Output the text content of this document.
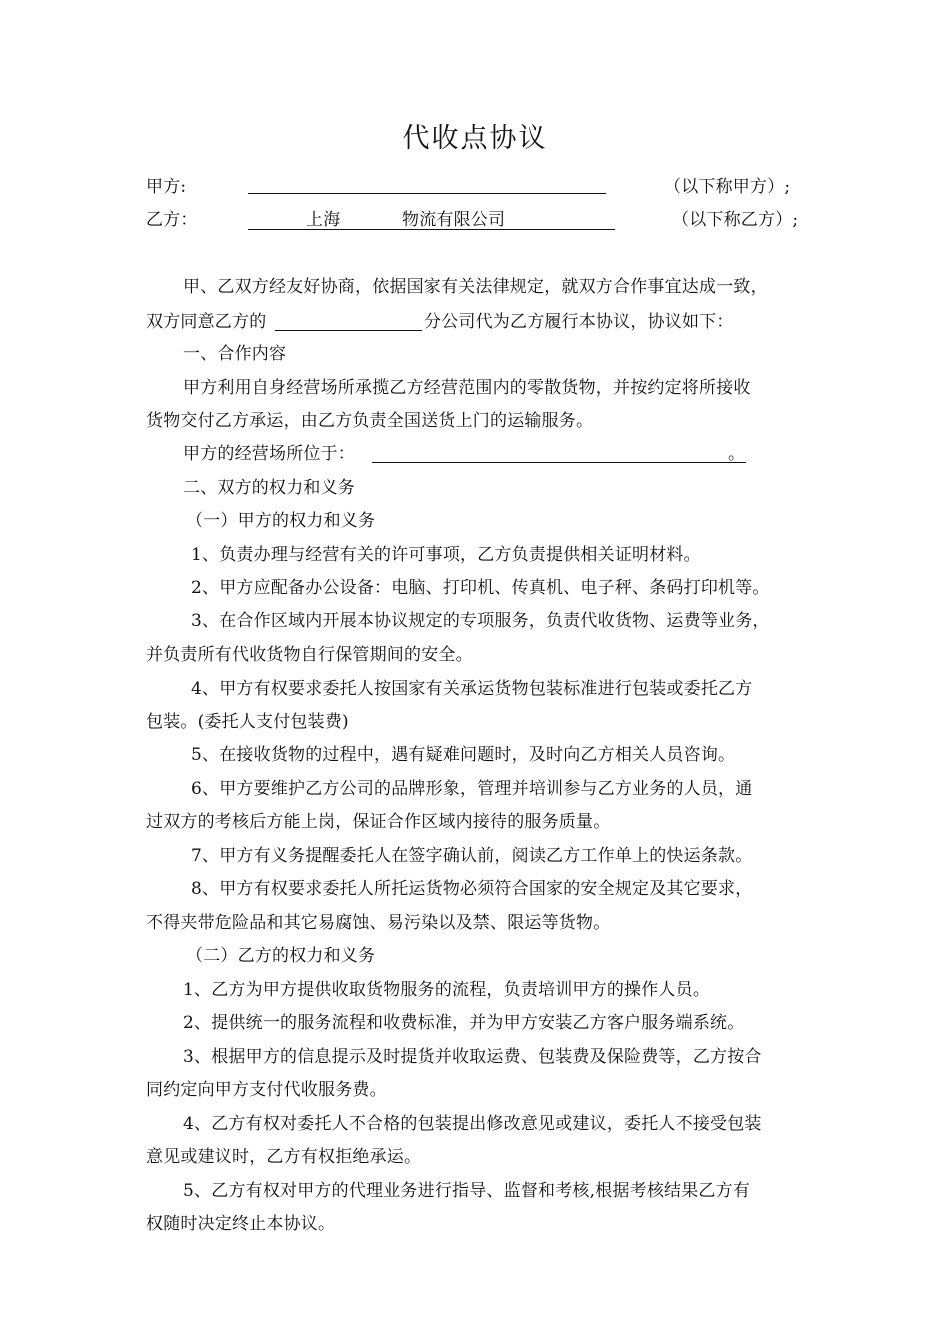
代收点协议
甲方:	（以下称甲方）;
乙方：	上海	物流有限公司	（以下称乙方）;
甲、乙双方经友好协商，依据国家有关法律规定，就双方合作事宜达成一致，
双方同意乙方的	分公司代为乙方履行本协议，协议如下：
一、合作内容
甲方利用自身经营场所承揽乙方经营范围内的零散货物，并按约定将所接收
货物交付乙方承运，由乙方负责全国送货上门的运输服务。
甲方的经营场所位于：	。
二、双方的权力和义务
（一）甲方的权力和义务
1、负责办理与经营有关的许可事项，乙方负责提供相关证明材料。
2、甲方应配备办公设备：电脑、打印机、传真机、电子秤、条码打印机等。
3、在合作区域内开展本协议规定的专项服务，负责代收货物、运费等业务，
并负责所有代收货物自行保管期间的安全。
4、甲方有权要求委托人按国家有关承运货物包装标准进行包装或委托乙方
包装。(委托人支付包装费)
5、在接收货物的过程中，遇有疑难问题时，及时向乙方相关人员咨询。
6、甲方要维护乙方公司的品牌形象，管理并培训参与乙方业务的人员，通
过双方的考核后方能上岗，保证合作区域内接待的服务质量。
7、甲方有义务提醒委托人在签字确认前，阅读乙方工作单上的快运条款。
8、甲方有权要求委托人所托运货物必须符合国家的安全规定及其它要求，
不得夹带危险品和其它易腐蚀、易污染以及禁、限运等货物。
（二）乙方的权力和义务
1、乙方为甲方提供收取货物服务的流程，负责培训甲方的操作人员。
2、提供统一的服务流程和收费标准，并为甲方安装乙方客户服务端系统。
3、根据甲方的信息提示及时提货并收取运费、包装费及保险费等，乙方按合
同约定向甲方支付代收服务费。
4、乙方有权对委托人不合格的包装提出修改意见或建议，委托人不接受包装
意见或建议时，乙方有权拒绝承运。
5、乙方有权对甲方的代理业务进行指导、监督和考核,根据考核结果乙方有
权随时决定终止本协议。
